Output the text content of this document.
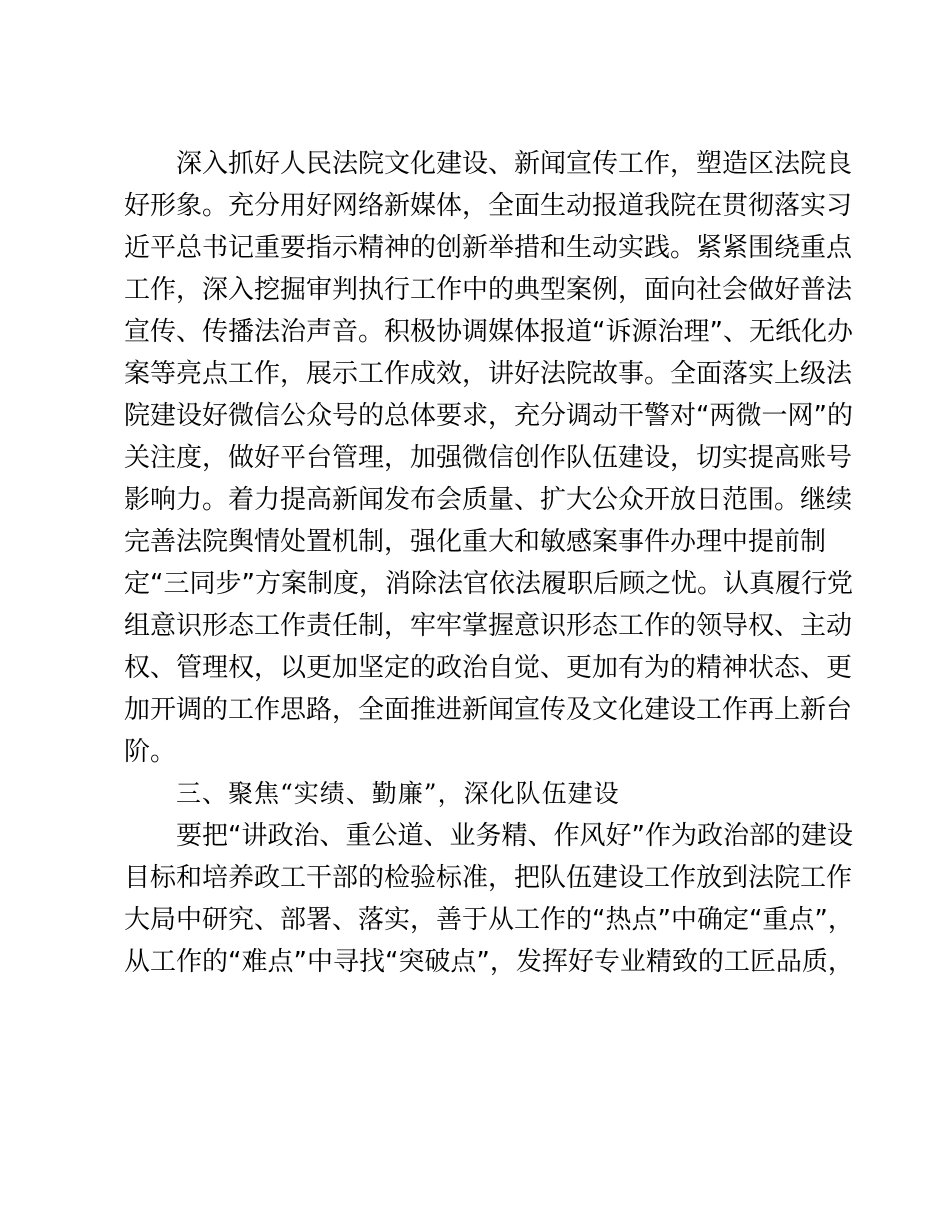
　　深入抓好人民法院文化建设、新闻宣传工作，塑造区法院良
好形象。充分用好网络新媒体，全面生动报道我院在贯彻落实习
近平总书记重要指示精神的创新举措和生动实践。紧紧围绕重点
工作，深入挖掘审判执行工作中的典型案例，面向社会做好普法
宣传、传播法治声音。积极协调媒体报道“诉源治理”、无纸化办
案等亮点工作，展示工作成效，讲好法院故事。全面落实上级法
院建设好微信公众号的总体要求，充分调动干警对“两微一网”的
关注度，做好平台管理，加强微信创作队伍建设，切实提高账号
影响力。着力提高新闻发布会质量、扩大公众开放日范围。继续
完善法院舆情处置机制，强化重大和敏感案事件办理中提前制
定“三同步”方案制度，消除法官依法履职后顾之忧。认真履行党
组意识形态工作责任制，牢牢掌握意识形态工作的领导权、主动
权、管理权，以更加坚定的政治自觉、更加有为的精神状态、更
加开调的工作思路，全面推进新闻宣传及文化建设工作再上新台
阶。
　　三、聚焦“实绩、勤廉”，深化队伍建设
　　要把“讲政治、重公道、业务精、作风好”作为政治部的建设
目标和培养政工干部的检验标准，把队伍建设工作放到法院工作
大局中研究、部署、落实，善于从工作的“热点”中确定“重点”，
从工作的“难点”中寻找“突破点”，发挥好专业精致的工匠品质，
